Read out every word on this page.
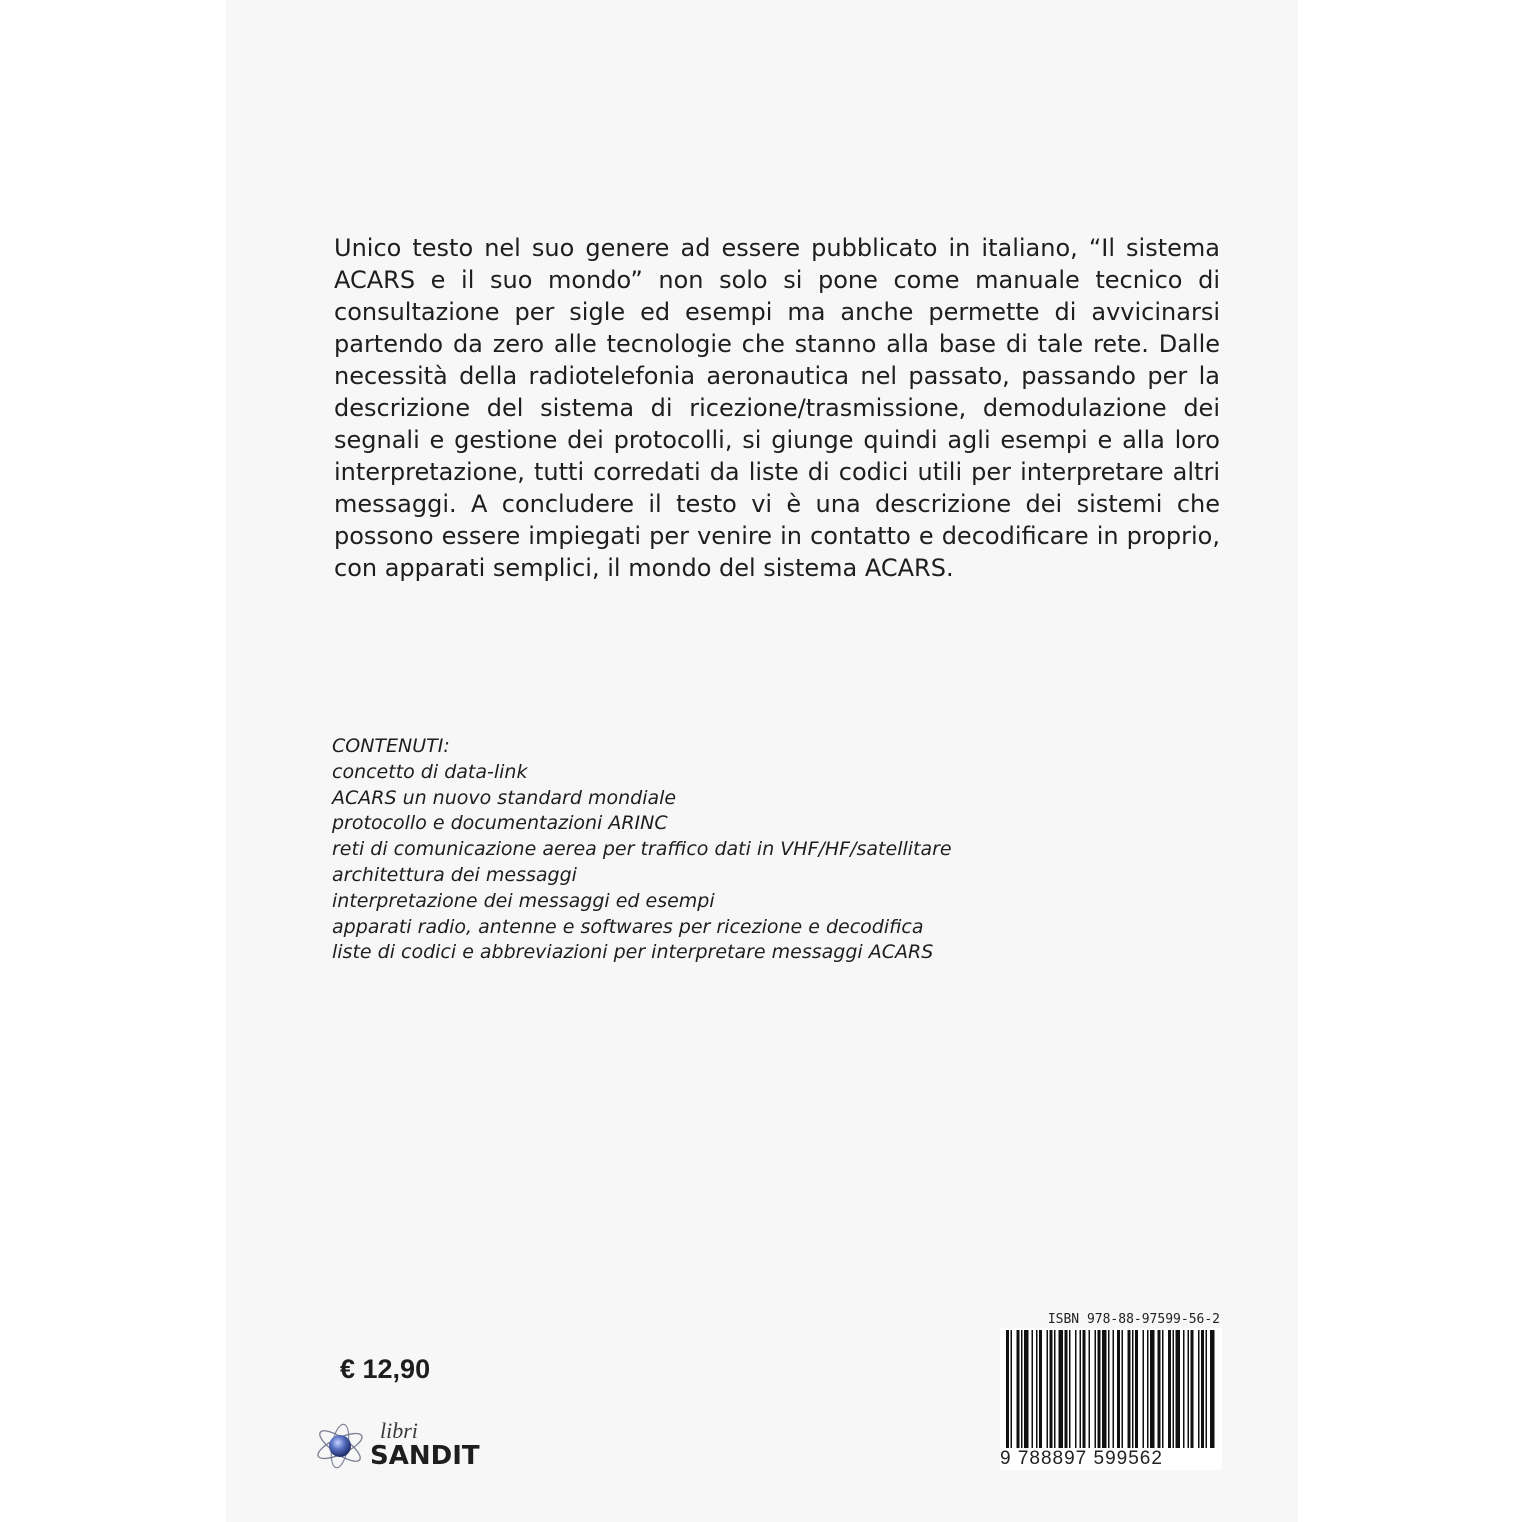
Unico testo nel suo genere ad essere pubblicato in italiano, “Il sistema ACARS e il suo mondo” non solo si pone come manuale tecnico di consultazione per sigle ed esempi ma anche permette di avvicinarsi partendo da zero alle tecnologie che stanno alla base di tale rete. Dalle necessità della radiotelefonia aeronautica nel passato, passando per la descrizione del sistema di ricezione/trasmissione, demodulazione dei segnali e gestione dei protocolli, si giunge quindi agli esempi e alla loro interpretazione, tutti corredati da liste di codici utili per interpretare altri messaggi. A concludere il testo vi è una descrizione dei sistemi che possono essere impiegati per venire in contatto e decodificare in proprio, con apparati semplici, il mondo del sistema ACARS.

CONTENUTI:
concetto di data-link
ACARS un nuovo standard mondiale
protocollo e documentazioni ARINC
reti di comunicazione aerea per traffico dati in VHF/HF/satellitare
architettura dei messaggi
interpretazione dei messaggi ed esempi
apparati radio, antenne e softwares per ricezione e decodifica
liste di codici e abbreviazioni per interpretare messaggi ACARS
€ 12,90
libri
SANDIT
ISBN 978-88-97599-56-2
9 788897 599562
